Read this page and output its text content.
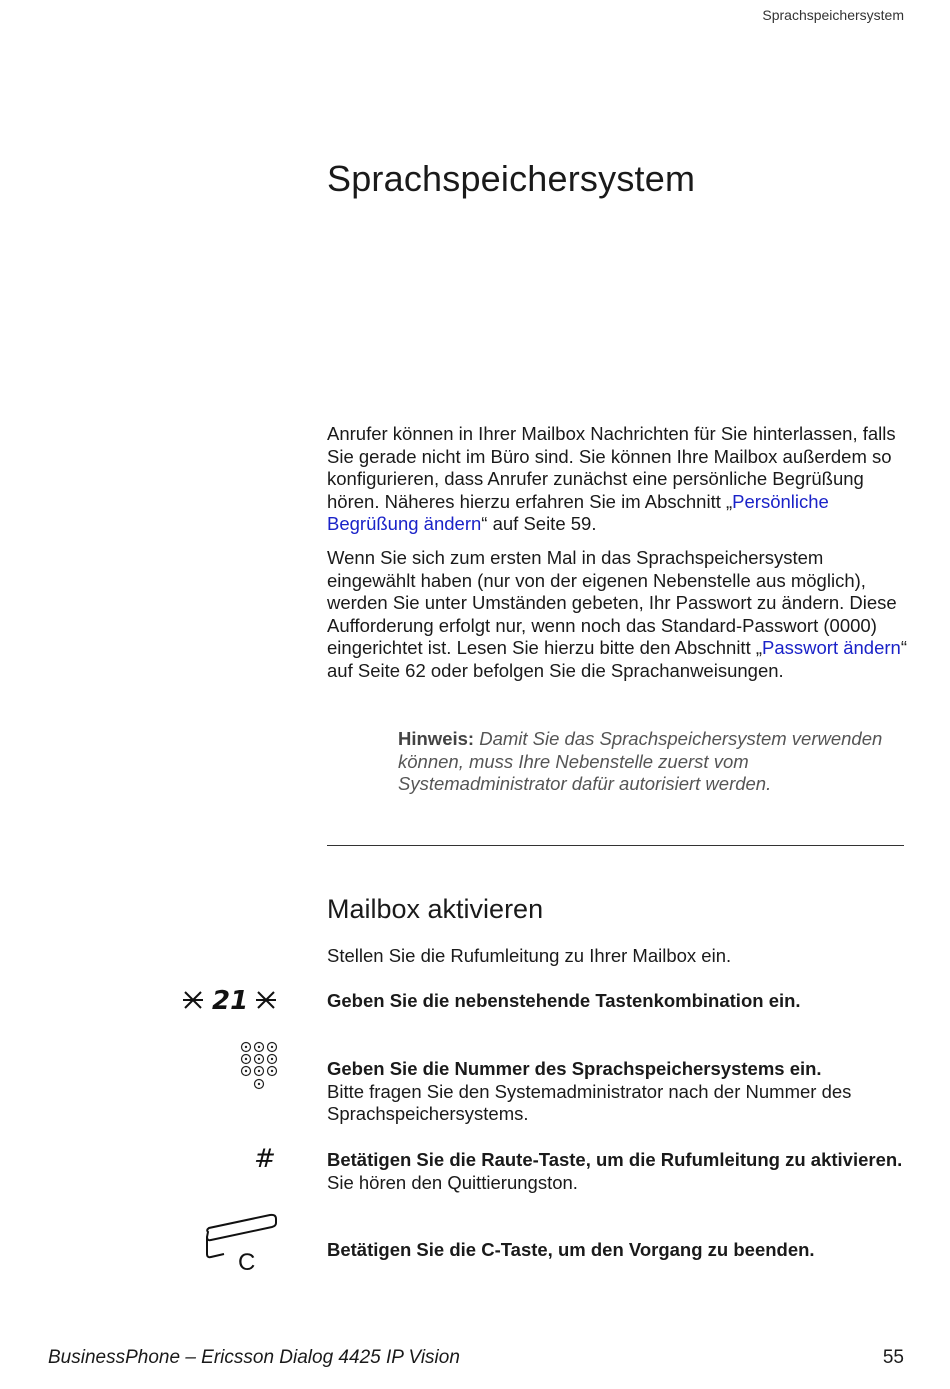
Sprachspeichersystem
Sprachspeichersystem
Anrufer können in Ihrer Mailbox Nachrichten für Sie hinterlassen, falls Sie gerade nicht im Büro sind. Sie können Ihre Mailbox außerdem so konfigurieren, dass Anrufer zunächst eine persönliche Begrüßung hören. Näheres hierzu erfahren Sie im Abschnitt „Persönliche Begrüßung ändern“ auf Seite 59.
Wenn Sie sich zum ersten Mal in das Sprachspeichersystem eingewählt haben (nur von der eigenen Nebenstelle aus möglich), werden Sie unter Umständen gebeten, Ihr Passwort zu ändern. Diese Aufforderung erfolgt nur, wenn noch das Standard-Passwort (0000) eingerichtet ist. Lesen Sie hierzu bitte den Abschnitt „Passwort ändern“ auf Seite 62 oder befolgen Sie die Sprachanweisungen.
Hinweis: Damit Sie das Sprachspeichersystem verwenden können, muss Ihre Nebenstelle zuerst vom Systemadministrator dafür autorisiert werden.
Mailbox aktivieren
Stellen Sie die Rufumleitung zu Ihrer Mailbox ein.
21	Geben Sie die nebenstehende Tastenkombination ein.
Geben Sie die Nummer des Sprachspeichersystems ein.
Bitte fragen Sie den Systemadministrator nach der Nummer des Sprachspeichersystems.
#	Betätigen Sie die Raute-Taste, um die Rufumleitung zu aktivieren.
Sie hören den Quittierungston.
C	Betätigen Sie die C-Taste, um den Vorgang zu beenden.
BusinessPhone – Ericsson Dialog 4425 IP Vision	55
